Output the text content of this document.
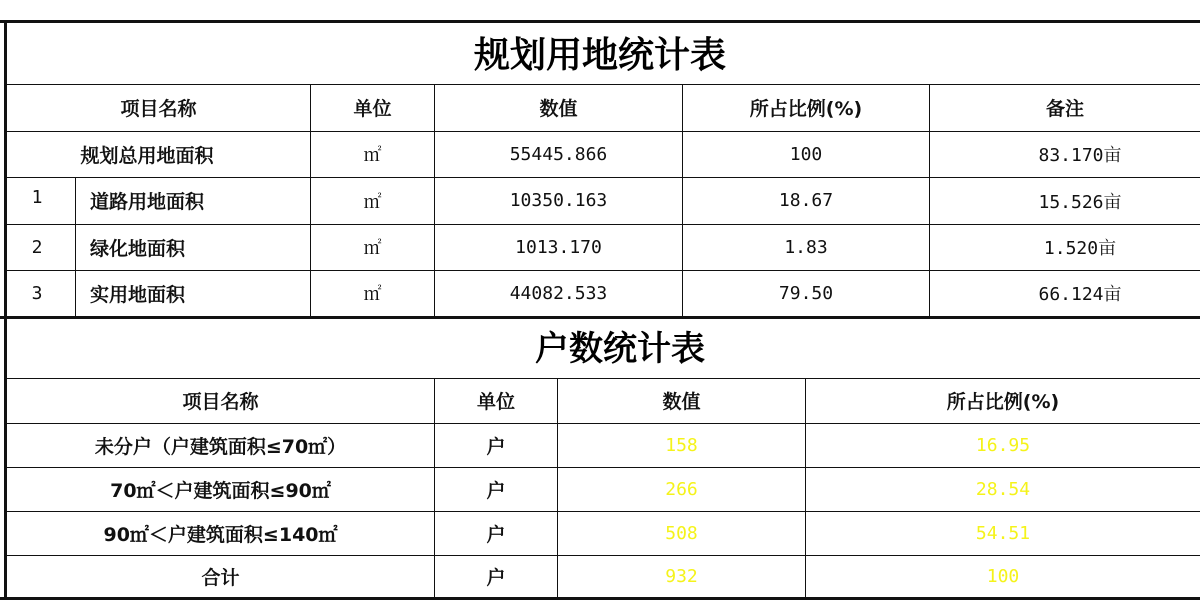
规划用地统计表
项目名称	单位	数值	所占比例(%)	备注
规划总用地面积	㎡	55445.866	100	83.170亩
1	道路用地面积	㎡	10350.163	18.67	15.526亩
2	绿化地面积	㎡	1013.170	1.83	1.520亩
3	实用地面积	㎡	44082.533	79.50	66.124亩
户数统计表
项目名称	单位	数值	所占比例(%)
未分户（户建筑面积≤70㎡）	户	158	16.95
70㎡＜户建筑面积≤90㎡	户	266	28.54
90㎡＜户建筑面积≤140㎡	户	508	54.51
合计	户	932	100
